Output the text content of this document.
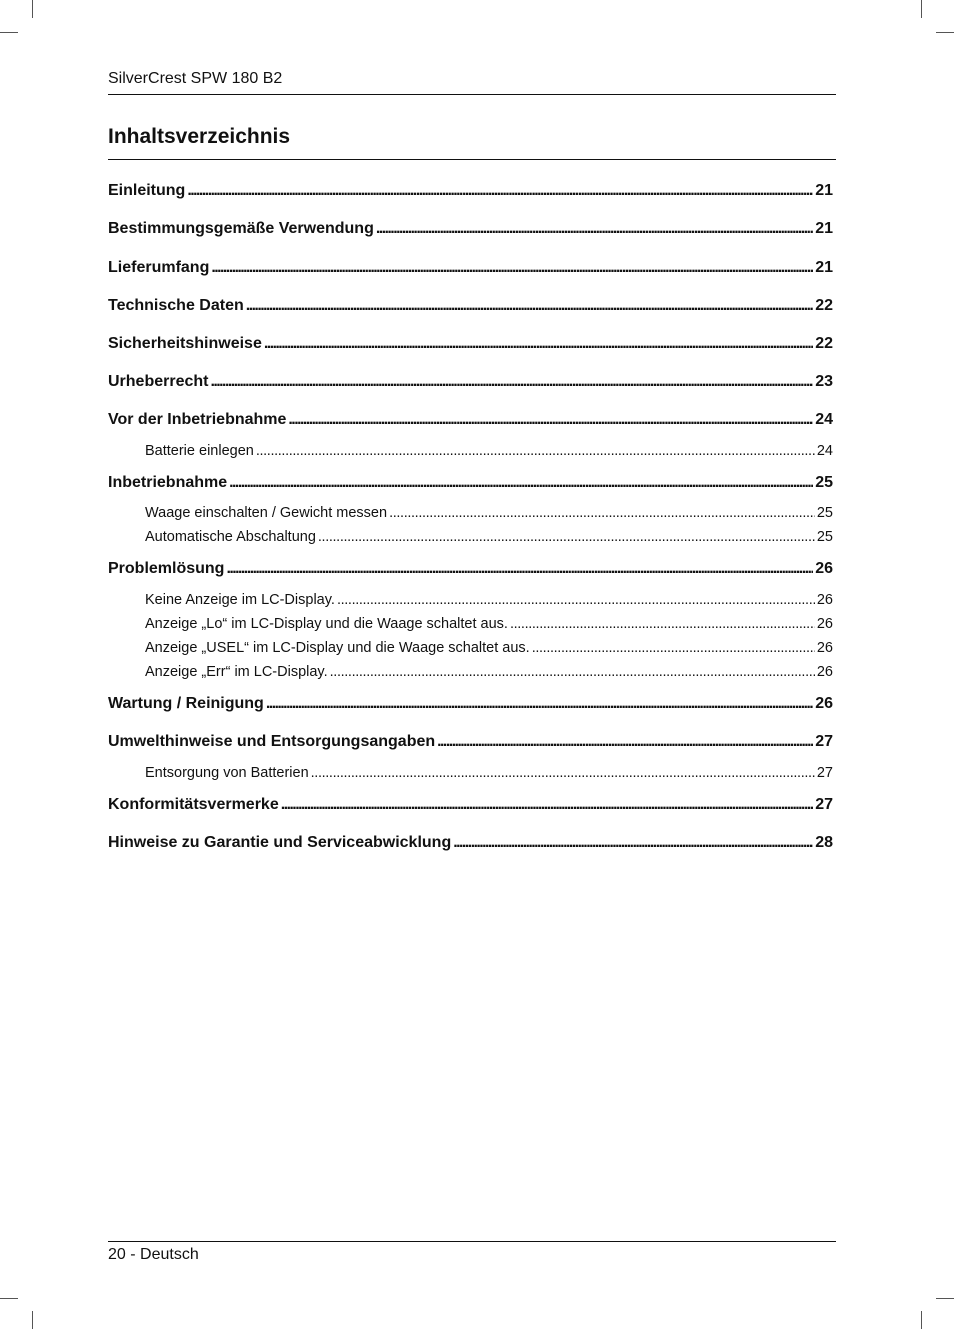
SilverCrest SPW 180 B2
Inhaltsverzeichnis
Einleitung . . .	21
Bestimmungsgemäße Verwendung . . .	21
Lieferumfang . . .	21
Technische Daten . . .	22
Sicherheitshinweise . . .	22
Urheberrecht . . .	23
Vor der Inbetriebnahme . . .	24
Batterie einlegen . . .	24
Inbetriebnahme . . .	25
Waage einschalten / Gewicht messen . . .	25
Automatische Abschaltung . . .	25
Problemlösung . . .	26
Keine Anzeige im LC-Display. . . .	26
Anzeige „Lo“ im LC-Display und die Waage schaltet aus. . . .	26
Anzeige „USEL“ im LC-Display und die Waage schaltet aus. . . .	26
Anzeige „Err“ im LC-Display. . . .	26
Wartung / Reinigung . . .	26
Umwelthinweise und Entsorgungsangaben . . .	27
Entsorgung von Batterien . . .	27
Konformitätsvermerke . . .	27
Hinweise zu Garantie und Serviceabwicklung . . .	28
20 - Deutsch
